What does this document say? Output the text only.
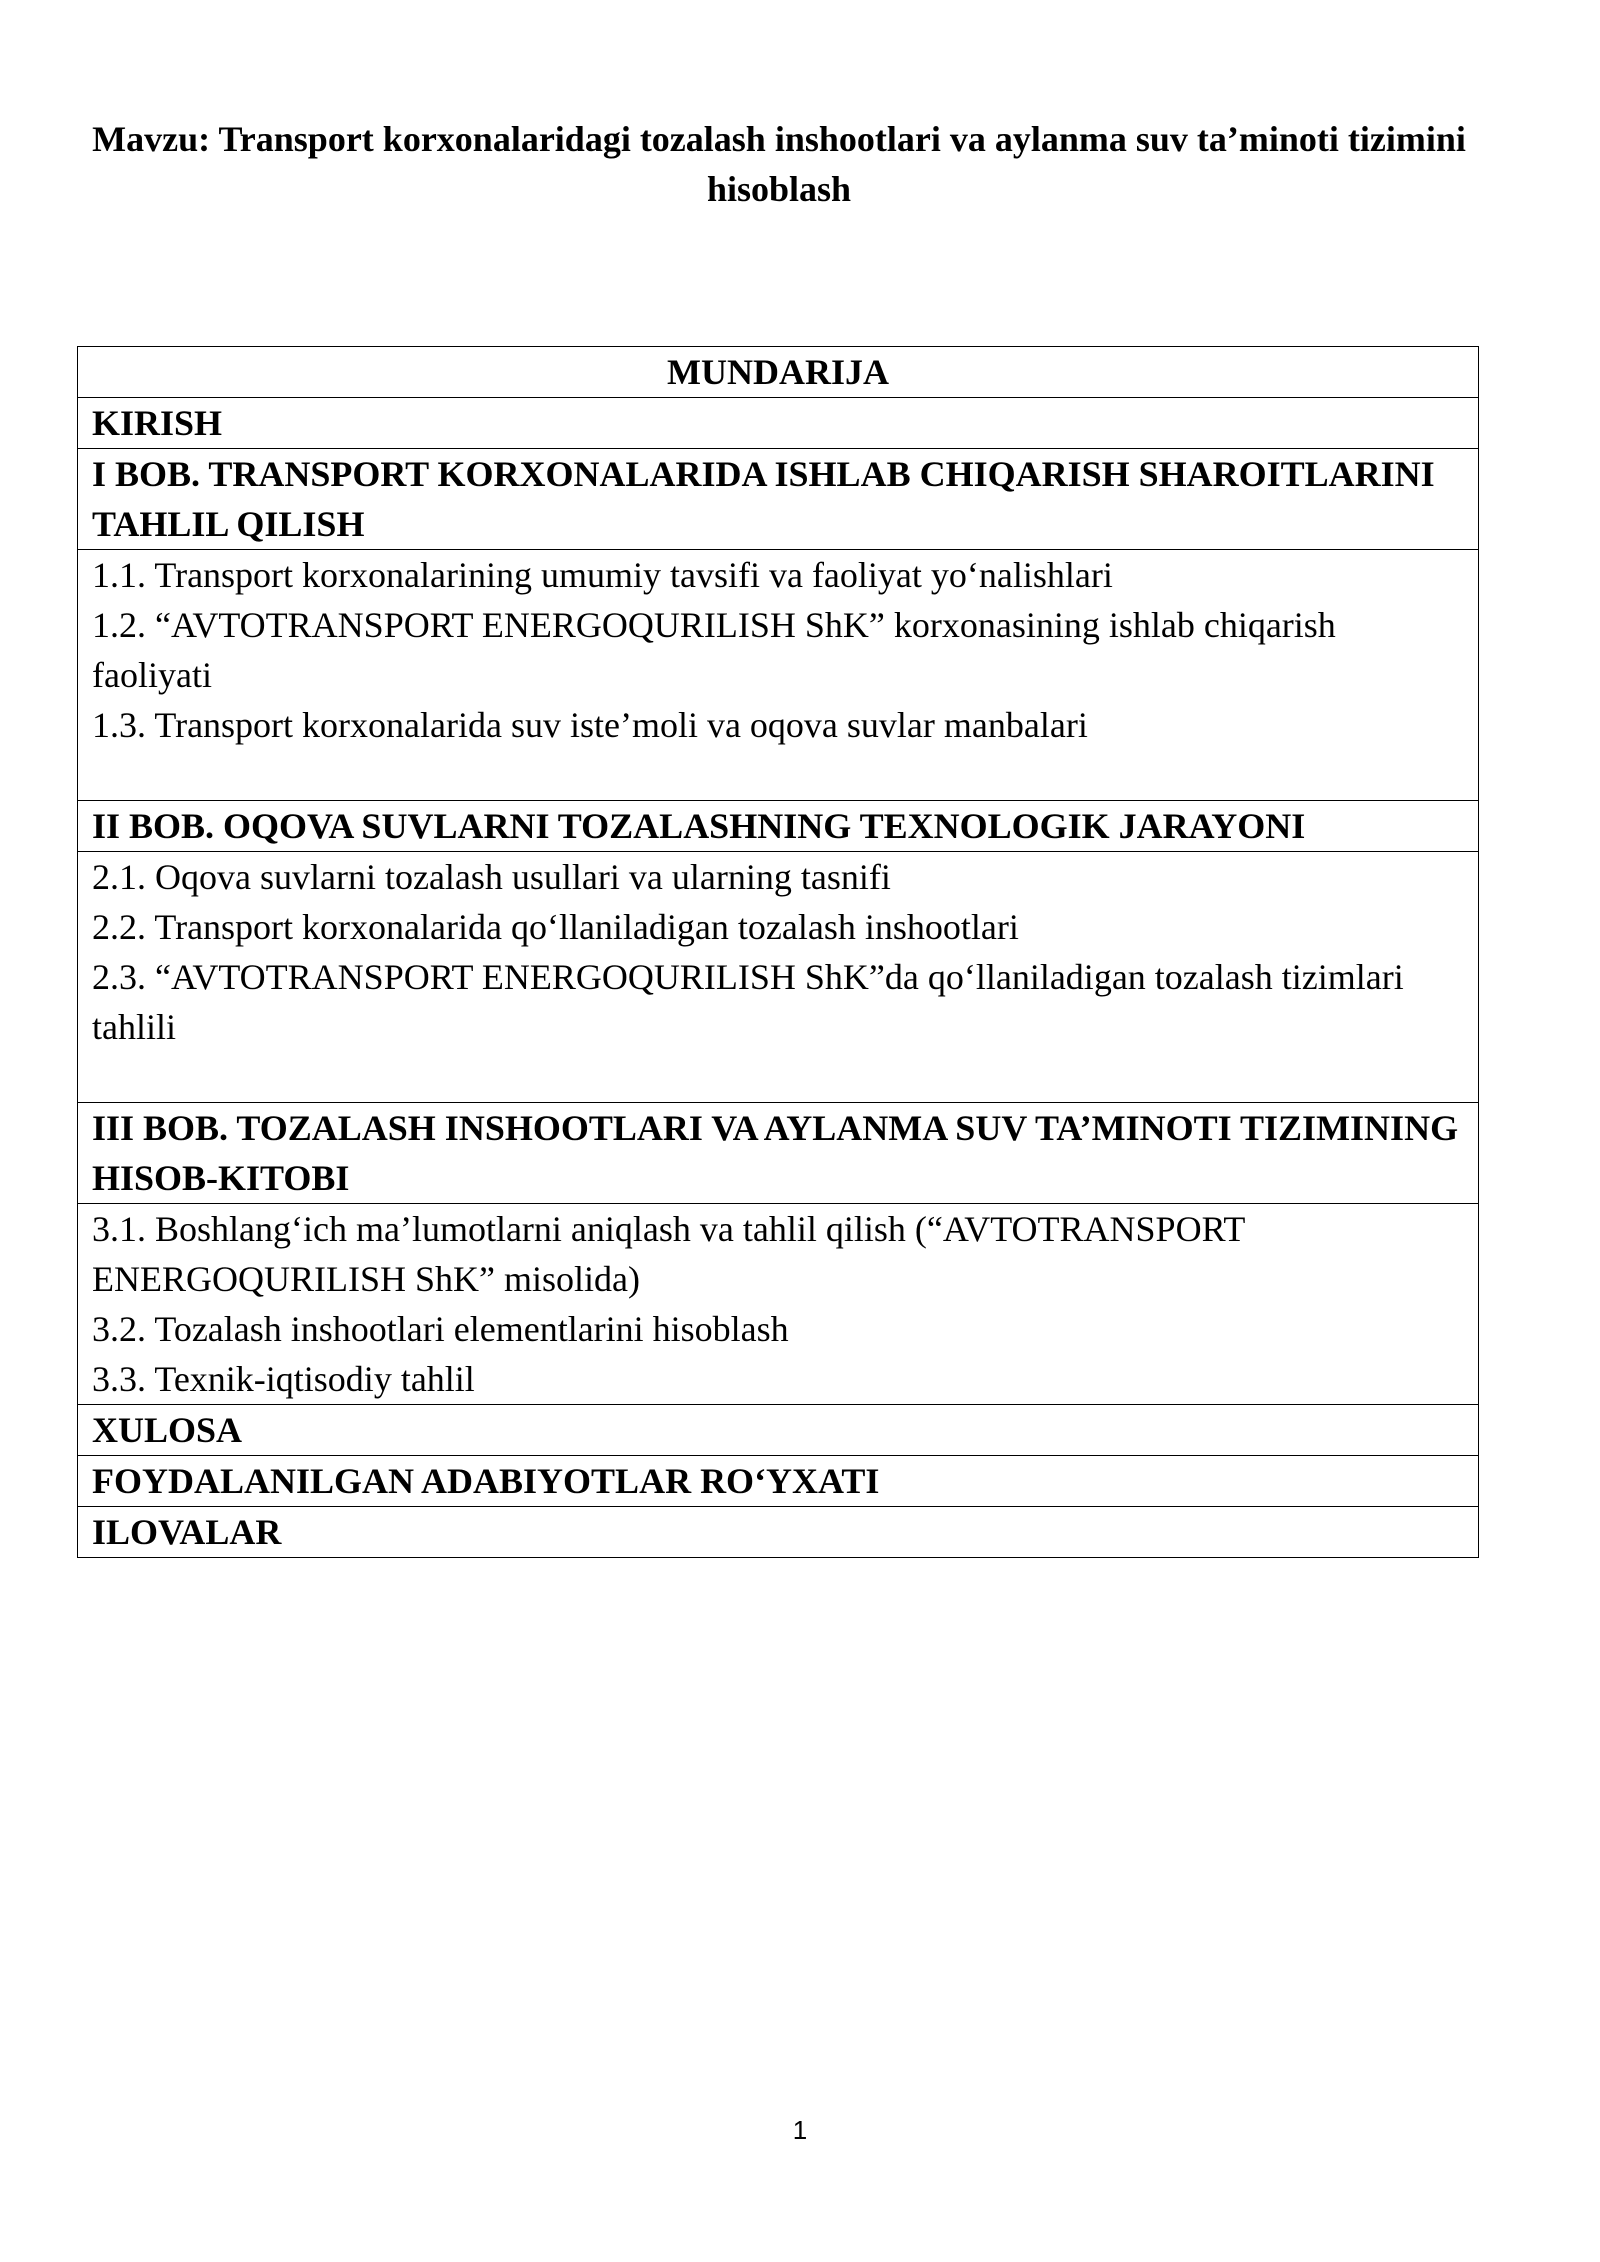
Mavzu: Transport korxonalaridagi tozalash inshootlari va aylanma suv ta’minoti tizimini hisoblash
MUNDARIJA
KIRISH
I BOB. TRANSPORT KORXONALARIDA ISHLAB CHIQARISH SHAROITLARINI TAHLIL QILISH

1.1. Transport korxonalarining umumiy tavsifi va faoliyat yo‘nalishlari
1.2. “AVTOTRANSPORT ENERGOQURILISH ShK” korxonasining ishlab chiqarish faoliyati
1.3. Transport korxonalarida suv iste’moli va oqova suvlar manbalari

II BOB. OQOVA SUVLARNI TOZALASHNING TEXNOLOGIK JARAYONI

2.1. Oqova suvlarni tozalash usullari va ularning tasnifi
2.2. Transport korxonalarida qo‘llaniladigan tozalash inshootlari
2.3. “AVTOTRANSPORT ENERGOQURILISH ShK”da qo‘llaniladigan tozalash tizimlari tahlili

III BOB. TOZALASH INSHOOTLARI VA AYLANMA SUV TA’MINOTI TIZIMINING HISOB-KITOBI

3.1. Boshlang‘ich ma’lumotlarni aniqlash va tahlil qilish (“AVTOTRANSPORT ENERGOQURILISH ShK” misolida)
3.2. Tozalash inshootlari elementlarini hisoblash
3.3. Texnik-iqtisodiy tahlil

XULOSA
FOYDALANILGAN ADABIYOTLAR RO‘YXATI
ILOVALAR
1
